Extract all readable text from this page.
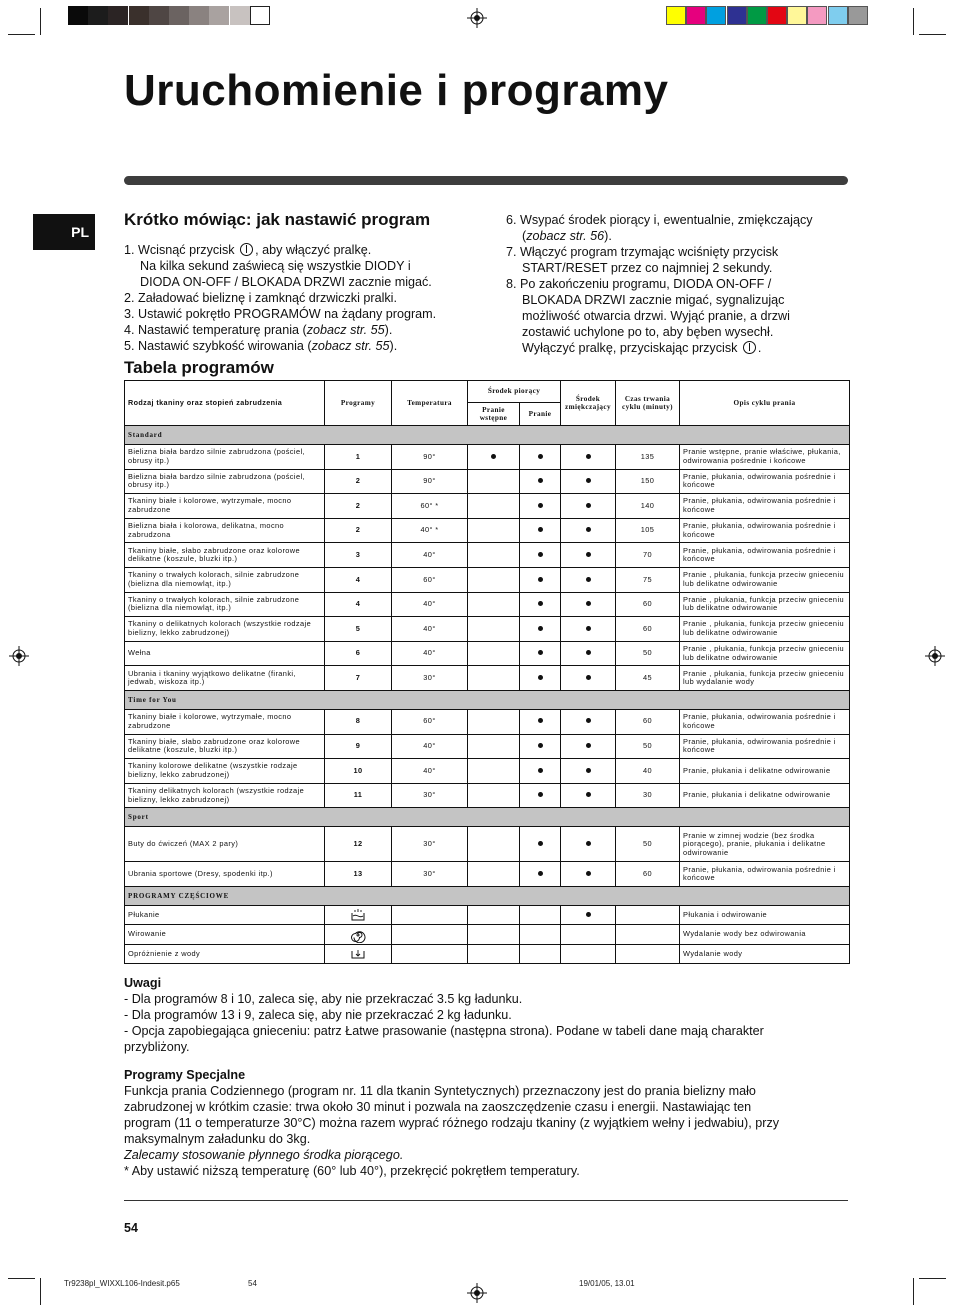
Uruchomienie i programy
PL
Krótko mówiąc: jak nastawić program

1. Wcisnąć przycisk , aby włączyć pralkę.

Na kilka sekund zaświecą się wszystkie DIODY i

DIODA ON-OFF / BLOKADA DRZWI zacznie migać.

2. Załadować bieliznę i zamknąć drzwiczki pralki.

3. Ustawić pokrętło PROGRAMÓW na żądany program.

4. Nastawić temperaturę prania (zobacz str. 55).

5. Nastawić szybkość wirowania (zobacz str. 55).

6. Wsypać środek piorący i, ewentualnie, zmiękczający

(zobacz str. 56).

7. Włączyć program trzymając wciśnięty przycisk

START/RESET przez co najmniej 2 sekundy.

8. Po zakończeniu programu, DIODA ON-OFF /

BLOKADA DRZWI zacznie migać, sygnalizując

możliwość otwarcia drzwi. Wyjąć pranie, a drzwi

zostawić uchylone po to, aby bęben wysechł.

Wyłączyć pralkę, przyciskając przycisk .

Tabela programów
Rodzaj tkaniny oraz stopień zabrudzenia	Programy	Temperatura	Środek piorący		Środek zmiękczający	Czas trwania cyklu (minuty)	Opis cyklu prania
			Pranie wstępne	Pranie			
Standard							
Bielizna biała bardzo silnie zabrudzona (pościel, obrusy itp.)	1	90°				135	Pranie wstępne, pranie właściwe, płukania, odwirowania pośrednie i końcowe
Bielizna biała bardzo silnie zabrudzona (pościel, obrusy itp.)	2	90°				150	Pranie, płukania, odwirowania pośrednie i końcowe
Tkaniny białe i kolorowe, wytrzymałe, mocno zabrudzone	2	60° *				140	Pranie, płukania, odwirowania pośrednie i końcowe
Bielizna biała i kolorowa, delikatna, mocno zabrudzona	2	40° *				105	Pranie, płukania, odwirowania pośrednie i końcowe
Tkaniny białe, słabo zabrudzone oraz kolorowe delikatne (koszule, bluzki itp.)	3	40°				70	Pranie, płukania, odwirowania pośrednie i końcowe
Tkaniny o trwałych kolorach, silnie zabrudzone (bielizna dla niemowląt, itp.)	4	60°				75	Pranie , płukania, funkcja przeciw gnieceniu lub delikatne odwirowanie
Tkaniny o trwałych kolorach, silnie zabrudzone (bielizna dla niemowląt, itp.)	4	40°				60	Pranie , płukania, funkcja przeciw gnieceniu lub delikatne odwirowanie
Tkaniny o delikatnych kolorach (wszystkie rodzaje bielizny, lekko zabrudzonej)	5	40°				60	Pranie , płukania, funkcja przeciw gnieceniu lub delikatne odwirowanie
Wełna	6	40°				50	Pranie , płukania, funkcja przeciw gnieceniu lub delikatne odwirowanie
Ubrania i tkaniny wyjątkowo delikatne (firanki, jedwab, wiskoza itp.)	7	30°				45	Pranie , płukania, funkcja przeciw gnieceniu lub wydalanie wody
Time for You							
Tkaniny białe i kolorowe, wytrzymałe, mocno zabrudzone	8	60°				60	Pranie, płukania, odwirowania pośrednie i końcowe
Tkaniny białe, słabo zabrudzone oraz kolorowe delikatne (koszule, bluzki itp.)	9	40°				50	Pranie, płukania, odwirowania pośrednie i końcowe
Tkaniny kolorowe delikatne (wszystkie rodzaje bielizny, lekko zabrudzonej)	10	40°				40	Pranie, płukania i delikatne odwirowanie
Tkaniny delikatnych kolorach (wszystkie rodzaje bielizny, lekko zabrudzonej)	11	30°				30	Pranie, płukania i delikatne odwirowanie
Sport							
Buty do ćwiczeń (MAX 2 pary)	12	30°				50	Pranie w zimnej wodzie (bez środka piorącego), pranie, płukania i delikatne odwirowanie
Ubrania sportowe (Dresy, spodenki itp.)	13	30°				60	Pranie, płukania, odwirowania pośrednie i końcowe
PROGRAMY CZĘŚCIOWE							
Płukanie							Płukania i odwirowanie
Wirowanie							Wydalanie wody bez odwirowania
Opróżnienie z wody							Wydalanie wody

Uwagi

- Dla programów 8 i 10, zaleca się, aby nie przekraczać 3.5 kg ładunku.

- Dla programów 13 i 9, zaleca się, aby nie przekraczać 2 kg ładunku.

- Opcja zapobiegająca gnieceniu: patrz Łatwe prasowanie (następna strona). Podane w tabeli dane mają charakter

przybliżony.

Programy Specjalne

Funkcja prania Codziennego (program nr. 11 dla tkanin Syntetycznych) przeznaczony jest do prania bielizny mało

zabrudzonej w krótkim czasie: trwa około 30 minut i pozwala na zaoszczędzenie czasu i energii. Nastawiając ten

program (11 o temperaturze 30°C) można razem wyprać różnego rodzaju tkaniny (z wyjątkiem wełny i jedwabiu), przy

maksymalnym załadunku do 3kg.

Zalecamy stosowanie płynnego środka piorącego.

* Aby ustawić niższą temperaturę (60° lub 40°), przekręcić pokrętłem temperatury.

54
Tr9238pl_WIXXL106-Indesit.p65	54	19/01/05, 13.01
